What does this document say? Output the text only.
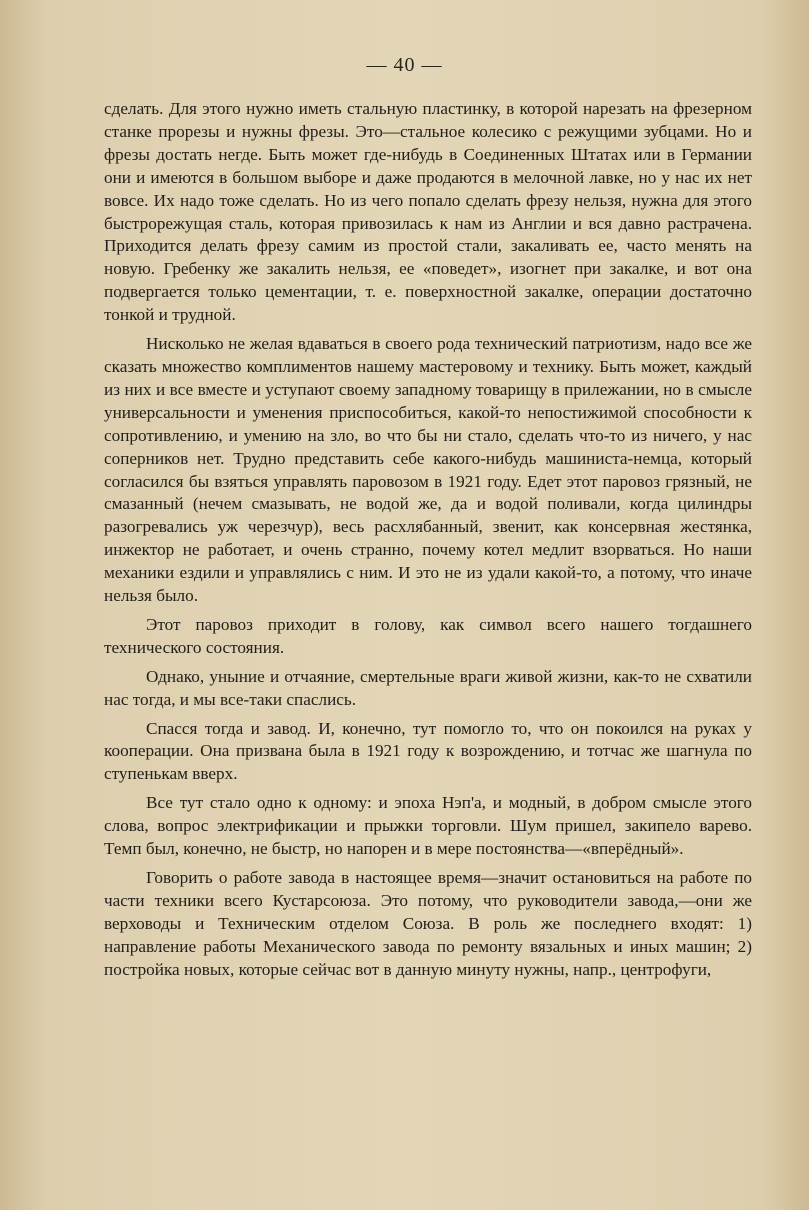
— 40 —

сделать. Для этого нужно иметь стальную пластинку, в которой нарезать на фрезерном станке прорезы и нужны фрезы. Это—стальное колесико с режущими зубцами. Но и фрезы достать негде. Быть может где-нибудь в Соединенных Штатах или в Германии они и имеются в большом выборе и даже продаются в мелочной лавке, но у нас их нет вовсе. Их надо тоже сделать. Но из чего попало сделать фрезу нельзя, нужна для этого быстрорежущая сталь, которая привозилась к нам из Англии и вся давно растрачена. Приходится делать фрезу самим из простой стали, закаливать ее, часто менять на новую. Гребенку же закалить нельзя, ее «поведет», изогнет при закалке, и вот она подвергается только цементации, т. е. поверхностной закалке, операции достаточно тонкой и трудной.

Нисколько не желая вдаваться в своего рода технический патриотизм, надо все же сказать множество комплиментов нашему мастеровому и технику. Быть может, каждый из них и все вместе и уступают своему западному товарищу в прилежании, но в смысле универсальности и уменения приспособиться, какой-то непостижимой способности к сопротивлению, и умению на зло, во что бы ни стало, сделать что-то из ничего, у нас соперников нет. Трудно представить себе какого-нибудь машиниста-немца, который согласился бы взяться управлять паровозом в 1921 году. Едет этот паровоз грязный, не смазанный (нечем смазывать, не водой же, да и водой поливали, когда цилиндры разогревались уж черезчур), весь расхлябанный, звенит, как консервная жестянка, инжектор не работает, и очень странно, почему котел медлит взорваться. Но наши механики ездили и управлялись с ним. И это не из удали какой-то, а потому, что иначе нельзя было.

Этот паровоз приходит в голову, как символ всего нашего тогдашнего технического состояния.

Однако, уныние и отчаяние, смертельные враги живой жизни, как-то не схватили нас тогда, и мы все-таки спаслись.

Спасся тогда и завод. И, конечно, тут помогло то, что он покоился на руках у кооперации. Она призвана была в 1921 году к возрождению, и тотчас же шагнула по ступенькам вверх.

Все тут стало одно к одному: и эпоха Нэп'а, и модный, в добром смысле этого слова, вопрос электрификации и прыжки торговли. Шум пришел, закипело варево. Темп был, конечно, не быстр, но напорен и в мере постоянства—«вперёдный».

Говорить о работе завода в настоящее время—значит остановиться на работе по части техники всего Кустарсоюза. Это потому, что руководители завода,—они же верховоды и Техническим отделом Союза. В роль же последнего входят: 1) направление работы Механического завода по ремонту вязальных и иных машин; 2) постройка новых, которые сейчас вот в данную минуту нужны, напр., центрофуги,
